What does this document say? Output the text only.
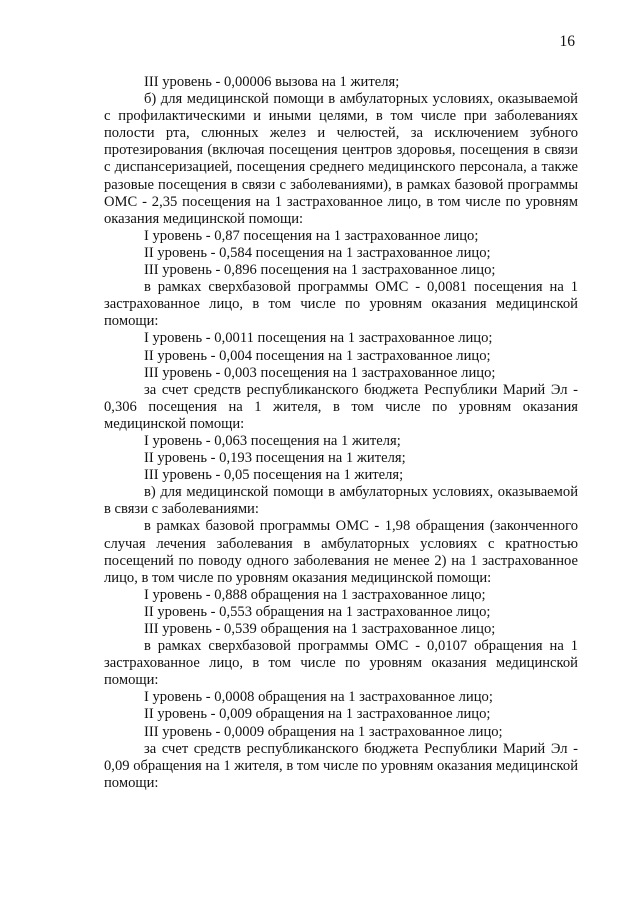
16

III уровень - 0,00006 вызова на 1 жителя;

б) для медицинской помощи в амбулаторных условиях, оказываемой с профилактическими и иными целями, в том числе при заболеваниях полости рта, слюнных желез и челюстей, за исключением зубного протезирования (включая посещения центров здоровья, посещения в связи с диспансеризацией, посещения среднего медицинского персонала, а также разовые посещения в связи с заболеваниями), в рамках базовой программы ОМС - 2,35 посещения на 1 застрахованное лицо, в том числе по уровням оказания медицинской помощи:

I уровень - 0,87 посещения на 1 застрахованное лицо;

II уровень - 0,584 посещения на 1 застрахованное лицо;

III уровень - 0,896 посещения на 1 застрахованное лицо;

в рамках сверхбазовой программы ОМС - 0,0081 посещения на 1 застрахованное лицо, в том числе по уровням оказания медицинской помощи:

I уровень - 0,0011 посещения на 1 застрахованное лицо;

II уровень - 0,004 посещения на 1 застрахованное лицо;

III уровень - 0,003 посещения на 1 застрахованное лицо;

за счет средств республиканского бюджета Республики Марий Эл - 0,306 посещения на 1 жителя, в том числе по уровням оказания медицинской помощи:

I уровень - 0,063 посещения на 1 жителя;

II уровень - 0,193 посещения на 1 жителя;

III уровень - 0,05 посещения на 1 жителя;

в) для медицинской помощи в амбулаторных условиях, оказываемой в связи с заболеваниями:

в рамках базовой программы ОМС - 1,98 обращения (законченного случая лечения заболевания в амбулаторных условиях с кратностью посещений по поводу одного заболевания не менее 2) на 1 застрахованное лицо, в том числе по уровням оказания медицинской помощи:

I уровень - 0,888 обращения на 1 застрахованное лицо;

II уровень - 0,553 обращения на 1 застрахованное лицо;

III уровень - 0,539 обращения на 1 застрахованное лицо;

в рамках сверхбазовой программы ОМС - 0,0107 обращения на 1 застрахованное лицо, в том числе по уровням оказания медицинской помощи:

I уровень - 0,0008 обращения на 1 застрахованное лицо;

II уровень - 0,009 обращения на 1 застрахованное лицо;

III уровень - 0,0009 обращения на 1 застрахованное лицо;

за счет средств республиканского бюджета Республики Марий Эл - 0,09 обращения на 1 жителя, в том числе по уровням оказания медицинской помощи:
